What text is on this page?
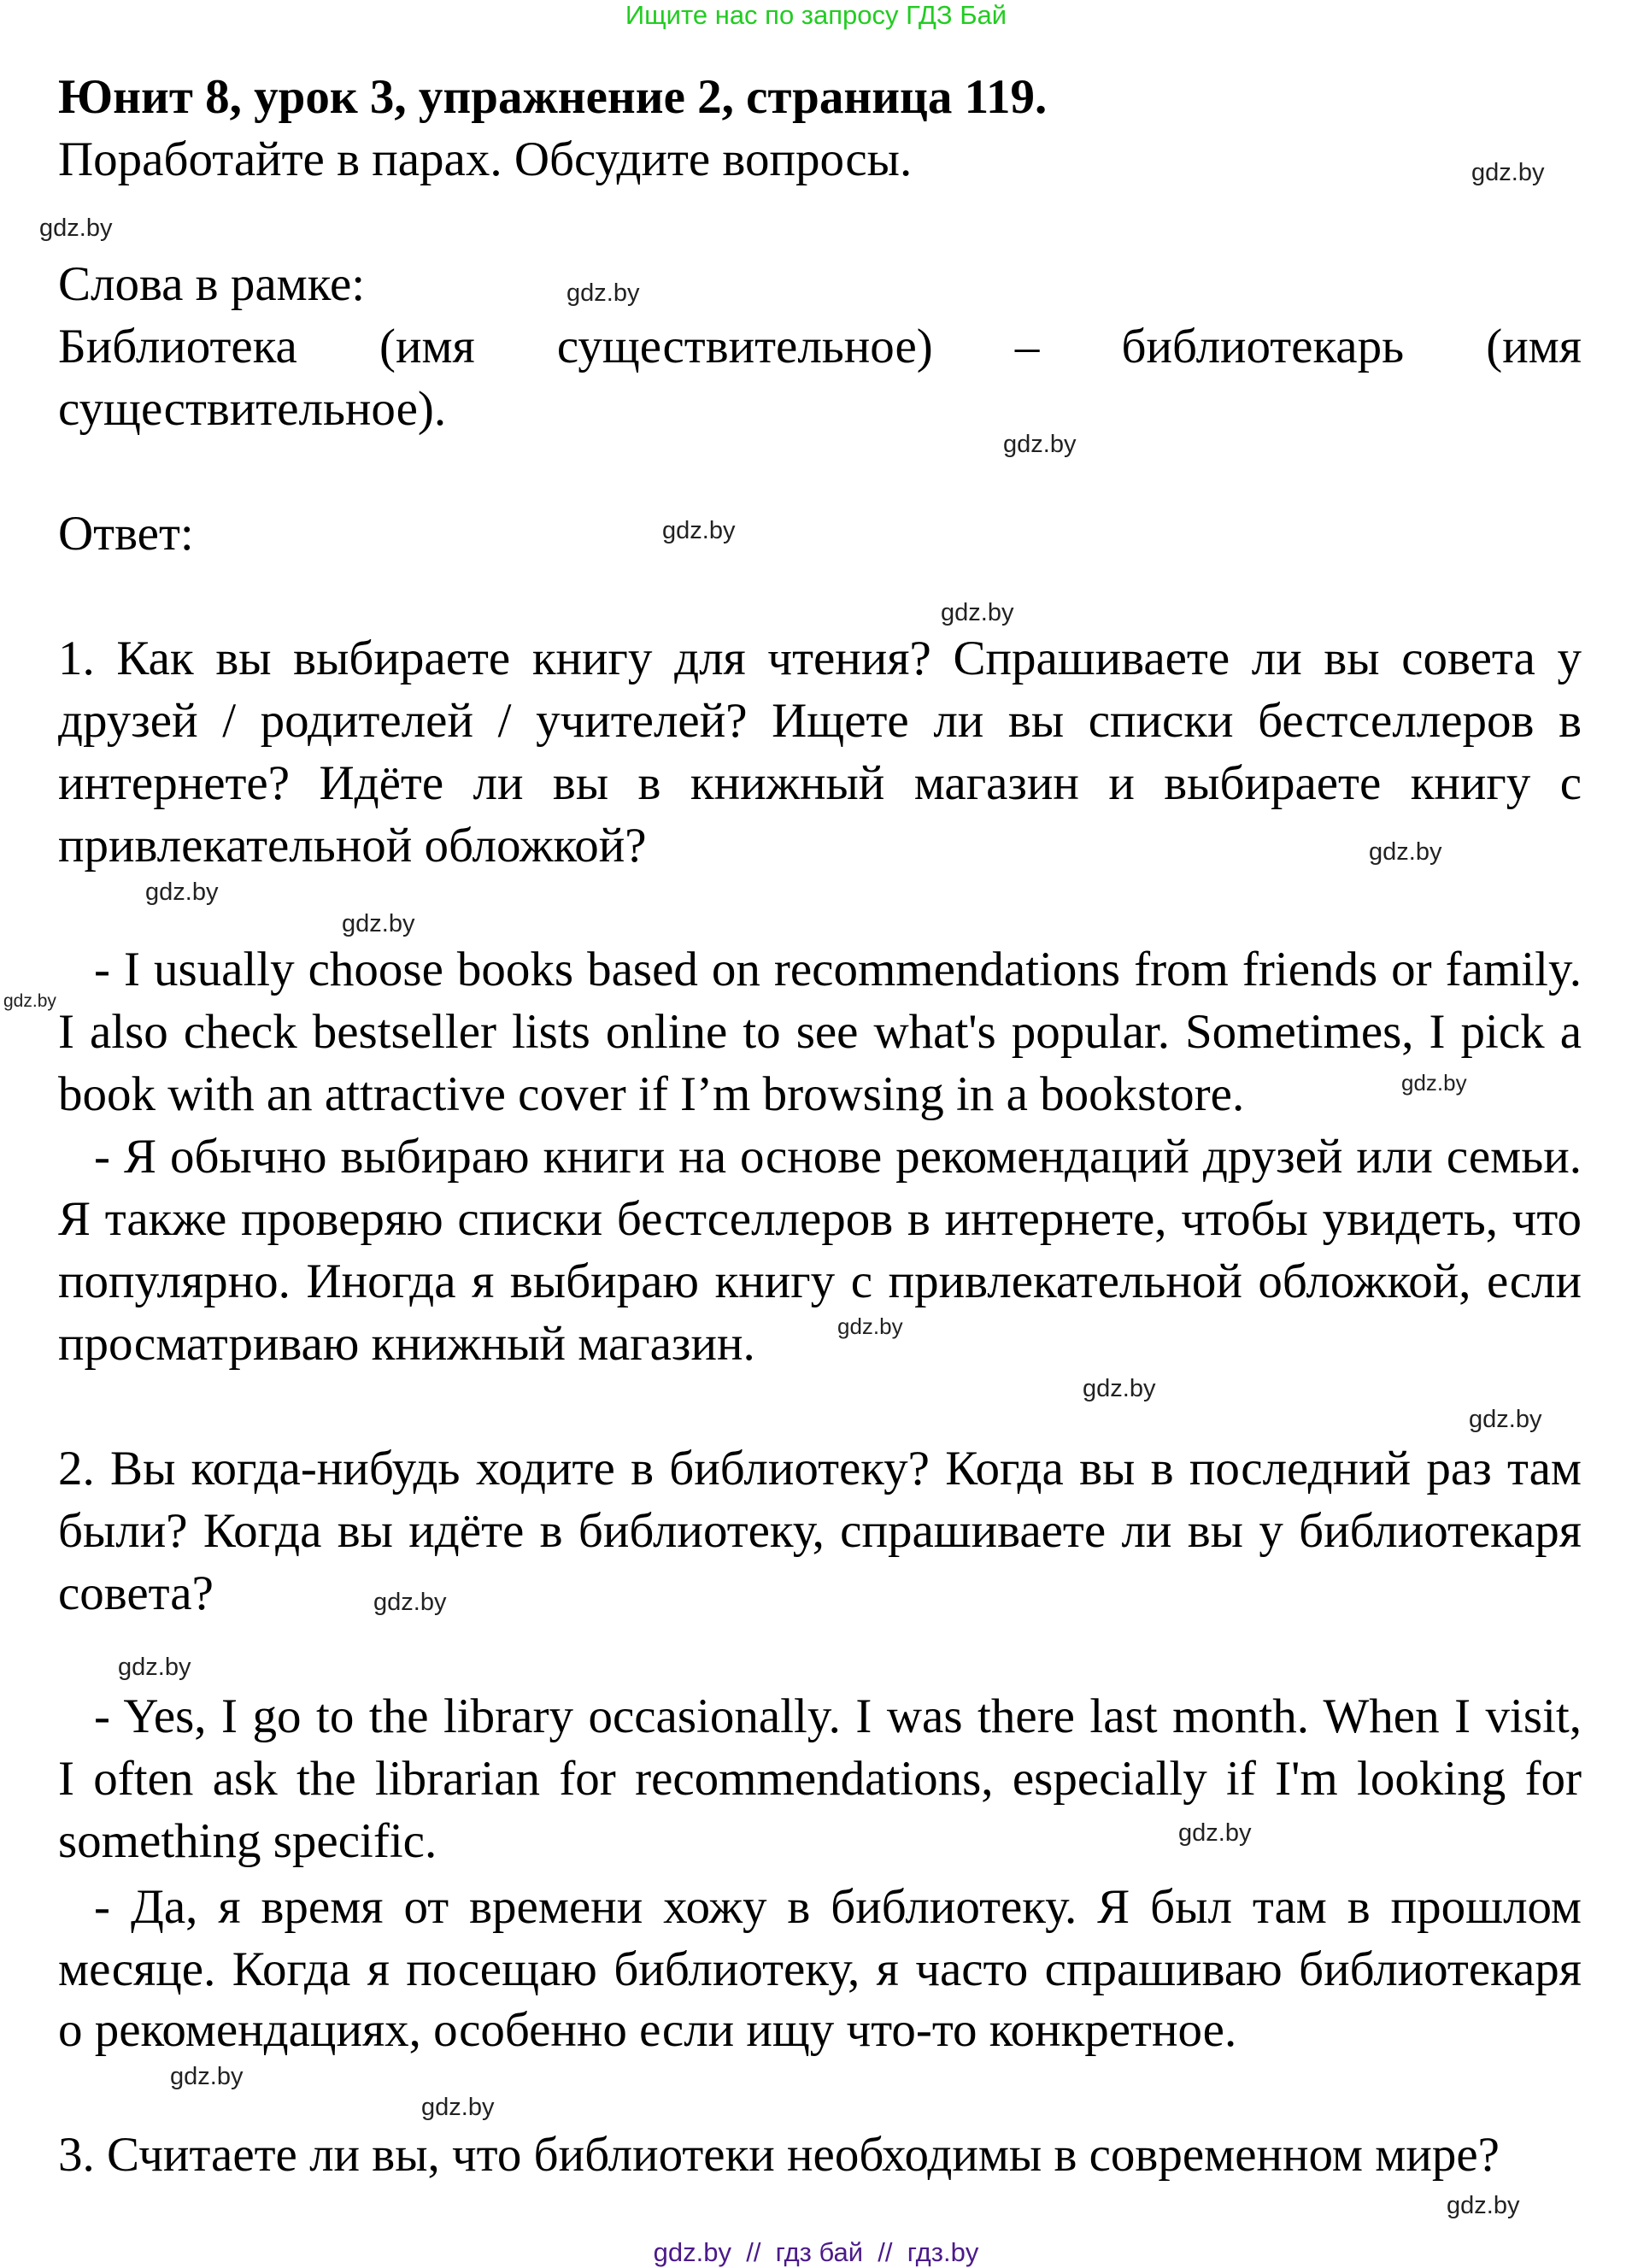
Ищите нас по запросу ГДЗ Бай
Юнит 8, урок 3, упражнение 2, страница 119.
Поработайте в парах. Обсудите вопросы.
Слова в рамке:
Библиотека (имя существительное) – библиотекарь (имя
существительное).
Ответ:
1. Как вы выбираете книгу для чтения? Спрашиваете ли вы совета у
друзей / родителей / учителей? Ищете ли вы списки бестселлеров в
интернете? Идёте ли вы в книжный магазин и выбираете книгу с
привлекательной обложкой?
- I usually choose books based on recommendations from friends or family.
I also check bestseller lists online to see what's popular. Sometimes, I pick a
book with an attractive cover if I’m browsing in a bookstore.
- Я обычно выбираю книги на основе рекомендаций друзей или семьи.
Я также проверяю списки бестселлеров в интернете, чтобы увидеть, что
популярно. Иногда я выбираю книгу с привлекательной обложкой, если
просматриваю книжный магазин.
2. Вы когда-нибудь ходите в библиотеку? Когда вы в последний раз там
были? Когда вы идёте в библиотеку, спрашиваете ли вы у библиотекаря
совета?
- Yes, I go to the library occasionally. I was there last month. When I visit,
I often ask the librarian for recommendations, especially if I'm looking for
something specific.
- Да, я время от времени хожу в библиотеку. Я был там в прошлом
месяце. Когда я посещаю библиотеку, я часто спрашиваю библиотекаря
о рекомендациях, особенно если ищу что-то конкретное.
3. Считаете ли вы, что библиотеки необходимы в современном мире?
gdz.by
gdz.by
gdz.by
gdz.by
gdz.by
gdz.by
gdz.by
gdz.by
gdz.by
gdz.by
gdz.by
gdz.by
gdz.by
gdz.by
gdz.by
gdz.by
gdz.by
gdz.by
gdz.by
gdz.by
gdz.by  //  гдз бай  //  гдз.by
